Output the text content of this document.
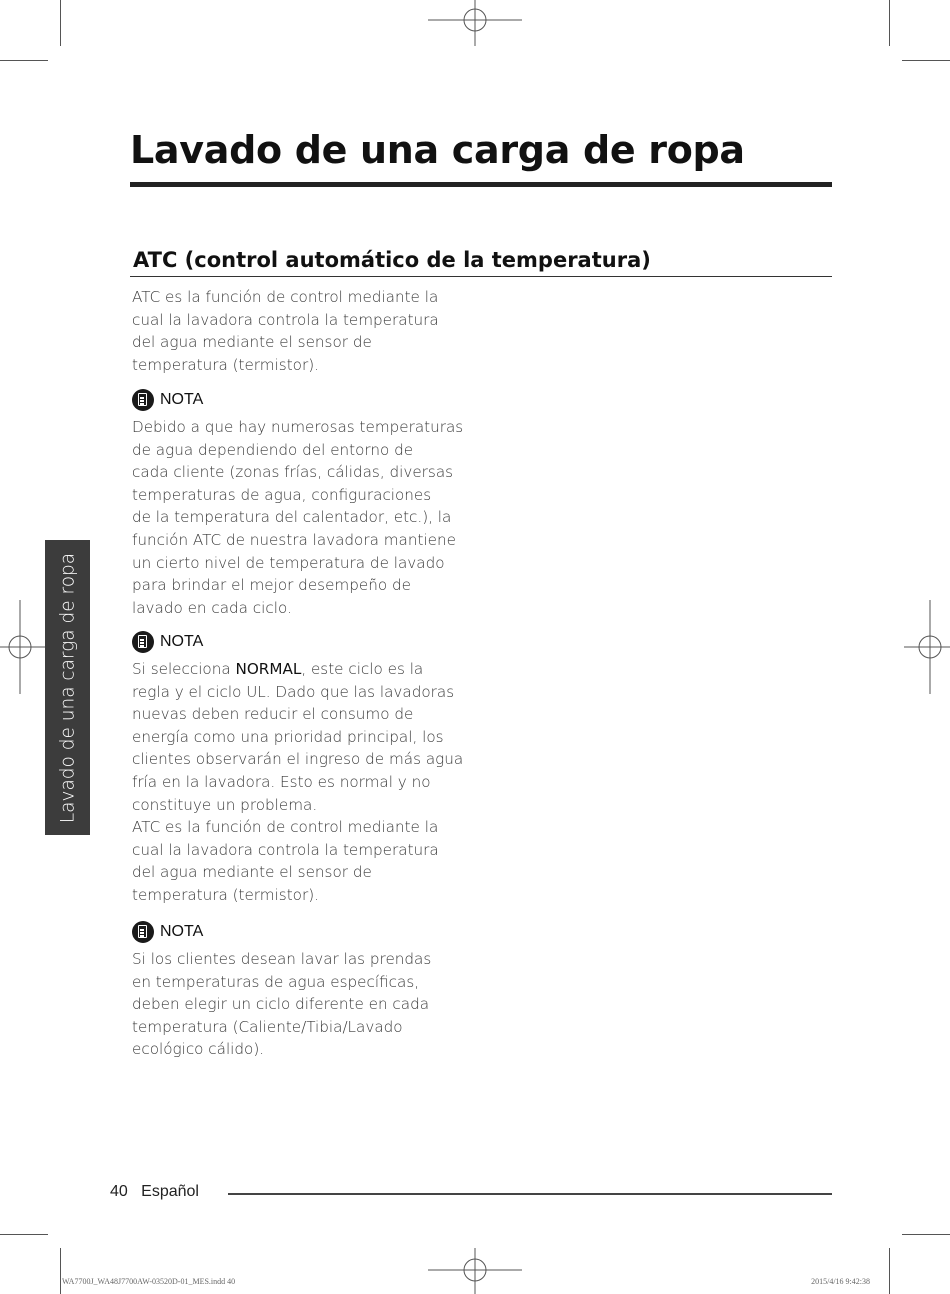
Lavado de una carga de ropa
ATC (control automático de la temperatura)
ATC es la función de control mediante la
cual la lavadora controla la temperatura
del agua mediante el sensor de
temperatura (termistor).
NOTA
Debido a que hay numerosas temperaturas
de agua dependiendo del entorno de
cada cliente (zonas frías, cálidas, diversas
temperaturas de agua, configuraciones
de la temperatura del calentador, etc.), la
función ATC de nuestra lavadora mantiene
un cierto nivel de temperatura de lavado
para brindar el mejor desempeño de
lavado en cada ciclo.
NOTA
Si selecciona NORMAL, este ciclo es la
regla y el ciclo UL. Dado que las lavadoras
nuevas deben reducir el consumo de
energía como una prioridad principal, los
clientes observarán el ingreso de más agua
fría en la lavadora. Esto es normal y no
constituye un problema.
ATC es la función de control mediante la
cual la lavadora controla la temperatura
del agua mediante el sensor de
temperatura (termistor).
NOTA
Si los clientes desean lavar las prendas
en temperaturas de agua específicas,
deben elegir un ciclo diferente en cada
temperatura (Caliente/Tibia/Lavado
ecológico cálido).
Lavado de una carga de ropa
40 Español
WA7700J_WA48J7700AW-03520D-01_MES.indd 40	2015/4/16 9:42:38
